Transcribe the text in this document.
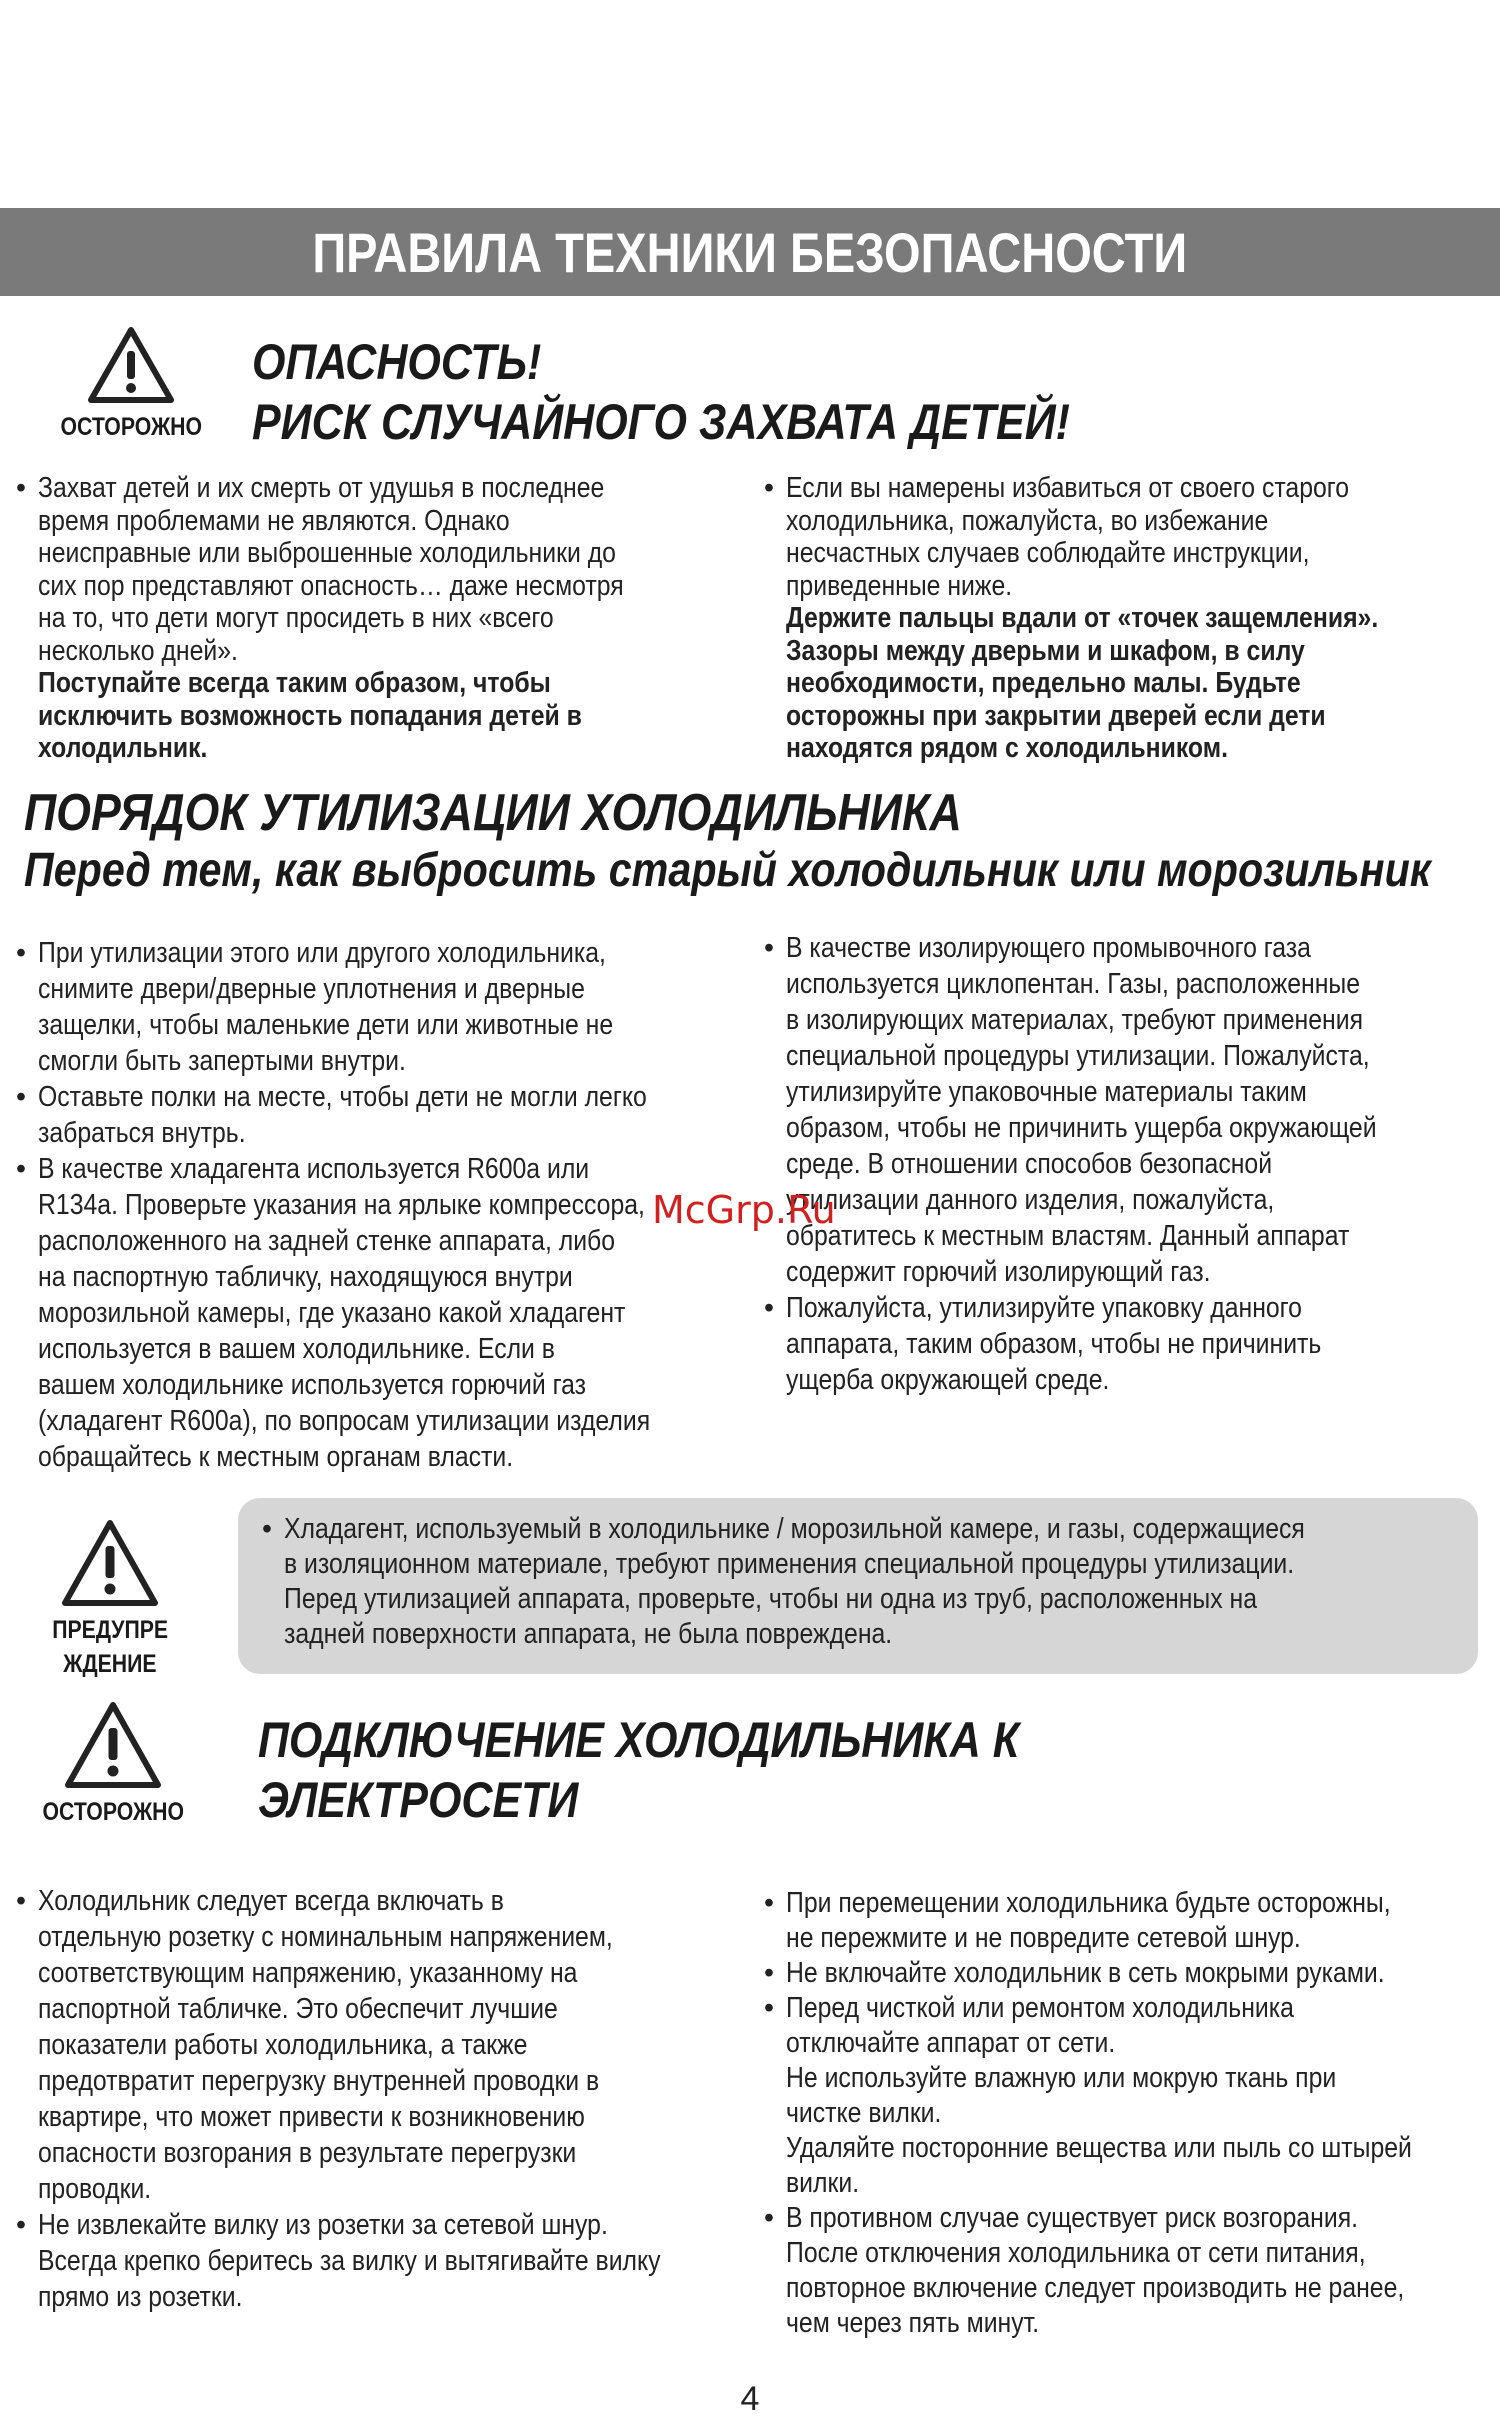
ПРАВИЛА ТЕХНИКИ БЕЗОПАСНОСТИ
ОСТОРОЖНО
ОПАСНОСТЬ!
РИСК СЛУЧАЙНОГО ЗАХВАТА ДЕТЕЙ!
• Захват детей и их смерть от удушья в последнее
время проблемами не являются. Однако
неисправные или выброшенные холодильники до
сих пор представляют опасность… даже несмотря
на то, что дети могут просидеть в них «всего
несколько дней».
Поступайте всегда таким образом, чтобы
исключить возможность попадания детей в
холодильник.
• Если вы намерены избавиться от своего старого
холодильника, пожалуйста, во избежание
несчастных случаев соблюдайте инструкции,
приведенные ниже.
Держите пальцы вдали от «точек защемления».
Зазоры между дверьми и шкафом, в силу
необходимости, предельно малы. Будьте
осторожны при закрытии дверей если дети
находятся рядом с холодильником.
ПОРЯДОК УТИЛИЗАЦИИ ХОЛОДИЛЬНИКА
Перед тем, как выбросить старый холодильник или морозильник
• При утилизации этого или другого холодильника,
снимите двери/дверные уплотнения и дверные
защелки, чтобы маленькие дети или животные не
смогли быть запертыми внутри.
• Оставьте полки на месте, чтобы дети не могли легко
забраться внутрь.
• В качестве хладагента используется R600a или
R134a. Проверьте указания на ярлыке компрессора,
расположенного на задней стенке аппарата, либо
на паспортную табличку, находящуюся внутри
морозильной камеры, где указано какой хладагент
используется в вашем холодильнике. Если в
вашем холодильнике используется горючий газ
(хладагент R600a), по вопросам утилизации изделия
обращайтесь к местным органам власти.
• В качестве изолирующего промывочного газа
используется циклопентан. Газы, расположенные
в изолирующих материалах, требуют применения
специальной процедуры утилизации. Пожалуйста,
утилизируйте упаковочные материалы таким
образом, чтобы не причинить ущерба окружающей
среде. В отношении способов безопасной
утилизации данного изделия, пожалуйста,
обратитесь к местным властям. Данный аппарат
содержит горючий изолирующий газ.
• Пожалуйста, утилизируйте упаковку данного
аппарата, таким образом, чтобы не причинить
ущерба окружающей среде.
McGrp.Ru
ПРЕДУПРЕ
ЖДЕНИЕ
• Хладагент, используемый в холодильнике / морозильной камере, и газы, содержащиеся
в изоляционном материале, требуют применения специальной процедуры утилизации.
Перед утилизацией аппарата, проверьте, чтобы ни одна из труб, расположенных на
задней поверхности аппарата, не была повреждена.
ОСТОРОЖНО
ПОДКЛЮЧЕНИЕ ХОЛОДИЛЬНИКА К
ЭЛЕКТРОСЕТИ
• Холодильник следует всегда включать в
отдельную розетку с номинальным напряжением,
соответствующим напряжению, указанному на
паспортной табличке. Это обеспечит лучшие
показатели работы холодильника, а также
предотвратит перегрузку внутренней проводки в
квартире, что может привести к возникновению
опасности возгорания в результате перегрузки
проводки.
• Не извлекайте вилку из розетки за сетевой шнур.
Всегда крепко беритесь за вилку и вытягивайте вилку
прямо из розетки.
• При перемещении холодильника будьте осторожны,
не пережмите и не повредите сетевой шнур.
• Не включайте холодильник в сеть мокрыми руками.
• Перед чисткой или ремонтом холодильника
отключайте аппарат от сети.
Не используйте влажную или мокрую ткань при
чистке вилки.
Удаляйте посторонние вещества или пыль со штырей
вилки.
• В противном случае существует риск возгорания.
После отключения холодильника от сети питания,
повторное включение следует производить не ранее,
чем через пять минут.
4
